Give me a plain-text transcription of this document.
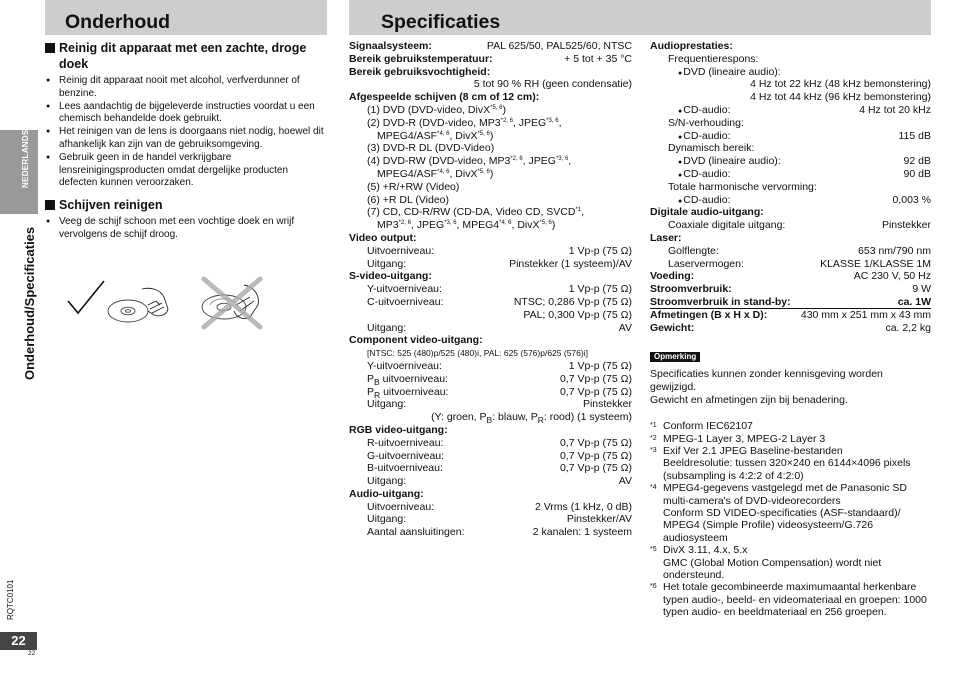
Onderhoud	Specificaties
NEDERLANDS
Onderhoud/Specificaties
RQTC0101
22
22
Reinig dit apparaat met een zachte, droge doek
● Reinig dit apparaat nooit met alcohol, verfverdunner of benzine.
● Lees aandachtig de bijgeleverde instructies voordat u een chemisch behandelde doek gebruikt.
● Het reinigen van de lens is doorgaans niet nodig, hoewel dit afhankelijk kan zijn van de gebruiksomgeving.
● Gebruik geen in de handel verkrijgbare lensreinigingsproducten omdat dergelijke producten defecten kunnen veroorzaken.
Schijven reinigen
● Veeg de schijf schoon met een vochtige doek en wrijf vervolgens de schijf droog.
Signaalsysteem:	PAL 625/50, PAL525/60, NTSC
Bereik gebruikstemperatuur:	+ 5 tot + 35 °C
Bereik gebruiksvochtigheid:
5 tot 90 % RH (geen condensatie)
Afgespeelde schijven (8 cm of 12 cm):
(1) DVD (DVD-video, DivX$^{*5, 6}$)
(2) DVD-R (DVD-video, MP3$^{*2, 6}$, JPEG$^{*3, 6}$,
MPEG4/ASF$^{*4, 6}$, DivX$^{*5, 6}$)
(3) DVD-R DL (DVD-Video)
(4) DVD-RW (DVD-video, MP3$^{*2, 6}$, JPEG$^{*3, 6}$,
MPEG4/ASF$^{*4, 6}$, DivX$^{*5, 6}$)
(5) +R/+RW (Video)
(6) +R DL (Video)
(7) CD, CD-R/RW (CD-DA, Video CD, SVCD$^{*1}$,
MP3$^{*2, 6}$, JPEG$^{*3, 6}$, MPEG4$^{*4, 6}$, DivX$^{*5, 6}$)
Video output:
Uitvoerniveau:	1 Vp-p (75 Ω)
Uitgang:	Pinstekker (1 systeem)/AV
S-video-uitgang:
Y-uitvoerniveau:	1 Vp-p (75 Ω)
C-uitvoerniveau:	NTSC; 0,286 Vp-p (75 Ω)
PAL; 0,300 Vp-p (75 Ω)
Uitgang:	AV
Component video-uitgang:
[NTSC: 525 (480)p/525 (480)i, PAL: 625 (576)p/625 (576)i]
Y-uitvoerniveau:	1 Vp-p (75 Ω)
$P_B$ uitvoerniveau:	0,7 Vp-p (75 Ω)
$P_R$ uitvoerniveau:	0,7 Vp-p (75 Ω)
Uitgang:	Pinstekker
(Y: groen, $P_B$: blauw, $P_R$: rood) (1 systeem)
RGB video-uitgang:
R-uitvoerniveau:	0,7 Vp-p (75 Ω)
G-uitvoerniveau:	0,7 Vp-p (75 Ω)
B-uitvoerniveau:	0,7 Vp-p (75 Ω)
Uitgang:	AV
Audio-uitgang:
Uitvoerniveau:	2 Vrms (1 kHz, 0 dB)
Uitgang:	Pinstekker/AV
Aantal aansluitingen:	2 kanalen: 1 systeem
Audioprestaties:
Frequentierespons:
● DVD (lineaire audio):
4 Hz tot 22 kHz (48 kHz bemonstering)
4 Hz tot 44 kHz (96 kHz bemonstering)
● CD-audio:	4 Hz tot 20 kHz
S/N-verhouding:
● CD-audio:	115 dB
Dynamisch bereik:
● DVD (lineaire audio):	92 dB
● CD-audio:	90 dB
Totale harmonische vervorming:
● CD-audio:	0,003 %
Digitale audio-uitgang:
Coaxiale digitale uitgang:	Pinstekker
Laser:
Golflengte:	653 nm/790 nm
Laservermogen:	KLASSE 1/KLASSE 1M
Voeding:	AC 230 V, 50 Hz
Stroomverbruik:	9 W
Stroomverbruik in stand-by:	ca. 1W
Afmetingen (B x H x D):	430 mm x 251 mm x 43 mm
Gewicht:	ca. 2,2 kg
Opmerking
Specificaties kunnen zonder kennisgeving worden gewijzigd.
Gewicht en afmetingen zijn bij benadering.
*1 Conform IEC62107
*2 MPEG-1 Layer 3, MPEG-2 Layer 3
*3 Exif Ver 2.1 JPEG Baseline-bestanden
Beeldresolutie: tussen 320×240 en 6144×4096 pixels (subsampling is 4:2:2 of 4:2:0)
*4 MPEG4-gegevens vastgelegd met de Panasonic SD multi-camera's of DVD-videorecorders
Conform SD VIDEO-specificaties (ASF-standaard)/ MPEG4 (Simple Profile) videosysteem/G.726 audiosysteem
*5 DivX 3.11, 4.x, 5.x
GMC (Global Motion Compensation) wordt niet ondersteund.
*6 Het totale gecombineerde maximumaantal herkenbare typen audio-, beeld- en videomateriaal en groepen: 1000 typen audio- en beeldmateriaal en 256 groepen.
